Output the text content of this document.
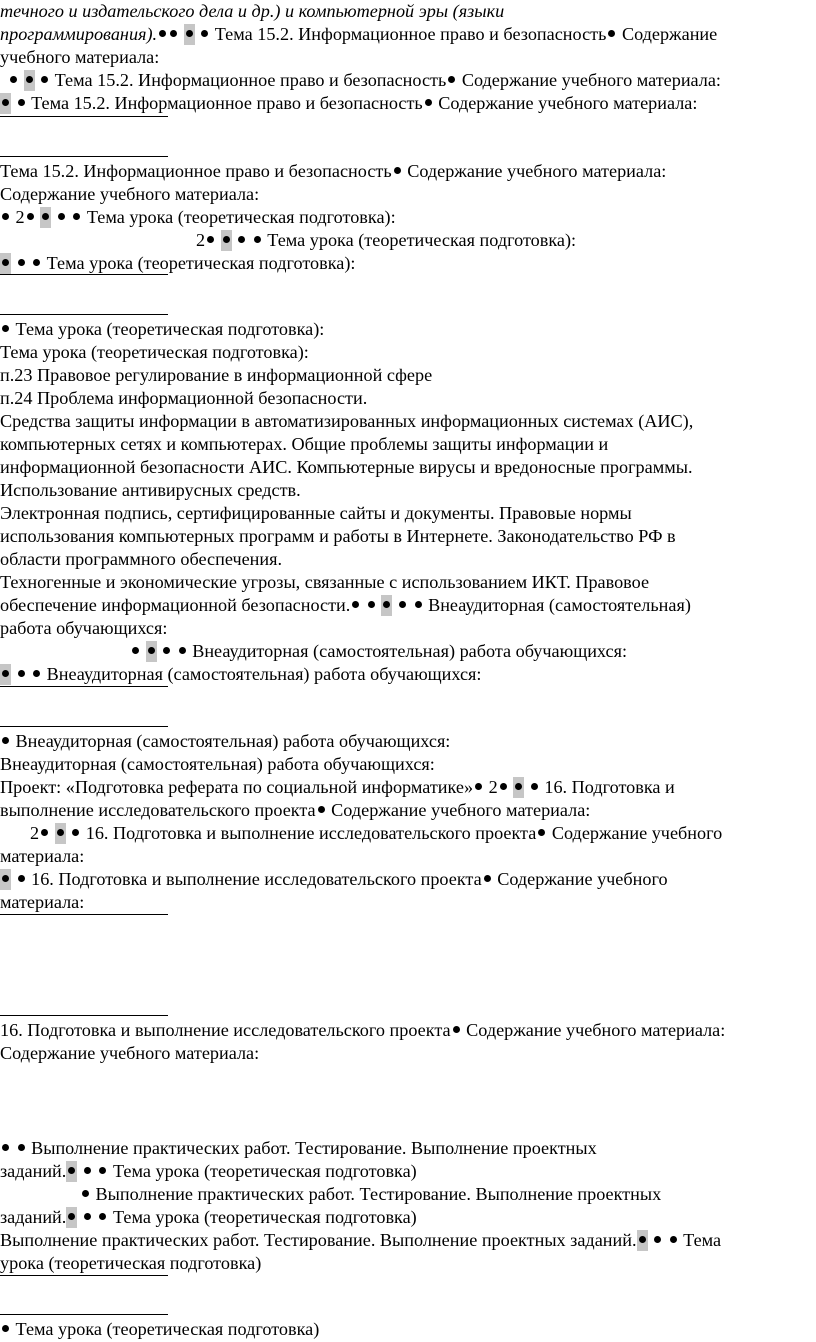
течного и издательского дела и др.) и компьютерной эры (языки
программирования).	Тема 15.2. Информационное право и безопасность Содержание
учебного материала:
Тема 15.2. Информационное право и безопасность Содержание учебного материала:
Тема 15.2. Информационное право и безопасность Содержание учебного материала:
Тема 15.2. Информационное право и безопасность Содержание учебного материала:
Содержание учебного материала:
2	Тема урока (теоретическая подготовка):
2	Тема урока (теоретическая подготовка):
Тема урока (теоретическая подготовка):
Тема урока (теоретическая подготовка):
Тема урока (теоретическая подготовка):
п.23 Правовое регулирование в информационной сфере
п.24 Проблема информационной безопасности.
Средства защиты информации в автоматизированных информационных системах (АИС),
компьютерных сетях и компьютерах. Общие проблемы защиты информации и
информационной безопасности АИС. Компьютерные вирусы и вредоносные программы.
Использование антивирусных средств.
Электронная подпись, сертифицированные сайты и документы. Правовые нормы
использования компьютерных программ и работы в Интернете. Законодательство РФ в
области программного обеспечения.
Техногенные и экономические угрозы, связанные с использованием ИКТ. Правовое
обеспечение информационной безопасности.	Внеаудиторная (самостоятельная)
работа обучающихся:
Внеаудиторная (самостоятельная) работа обучающихся:
Внеаудиторная (самостоятельная) работа обучающихся:
Внеаудиторная (самостоятельная) работа обучающихся:
Внеаудиторная (самостоятельная) работа обучающихся:
Проект: «Подготовка реферата по социальной информатике» 2	16. Подготовка и
выполнение исследовательского проекта Содержание учебного материала:
2	16. Подготовка и выполнение исследовательского проекта Содержание учебного
материала:
16. Подготовка и выполнение исследовательского проекта Содержание учебного
материала:
16. Подготовка и выполнение исследовательского проекта Содержание учебного материала:
Содержание учебного материала:
Выполнение практических работ. Тестирование. Выполнение проектных
заданий.	Тема урока (теоретическая подготовка)
Выполнение практических работ. Тестирование. Выполнение проектных
заданий.	Тема урока (теоретическая подготовка)
Выполнение практических работ. Тестирование. Выполнение проектных заданий.	Тема
урока (теоретическая подготовка)
Тема урока (теоретическая подготовка)
